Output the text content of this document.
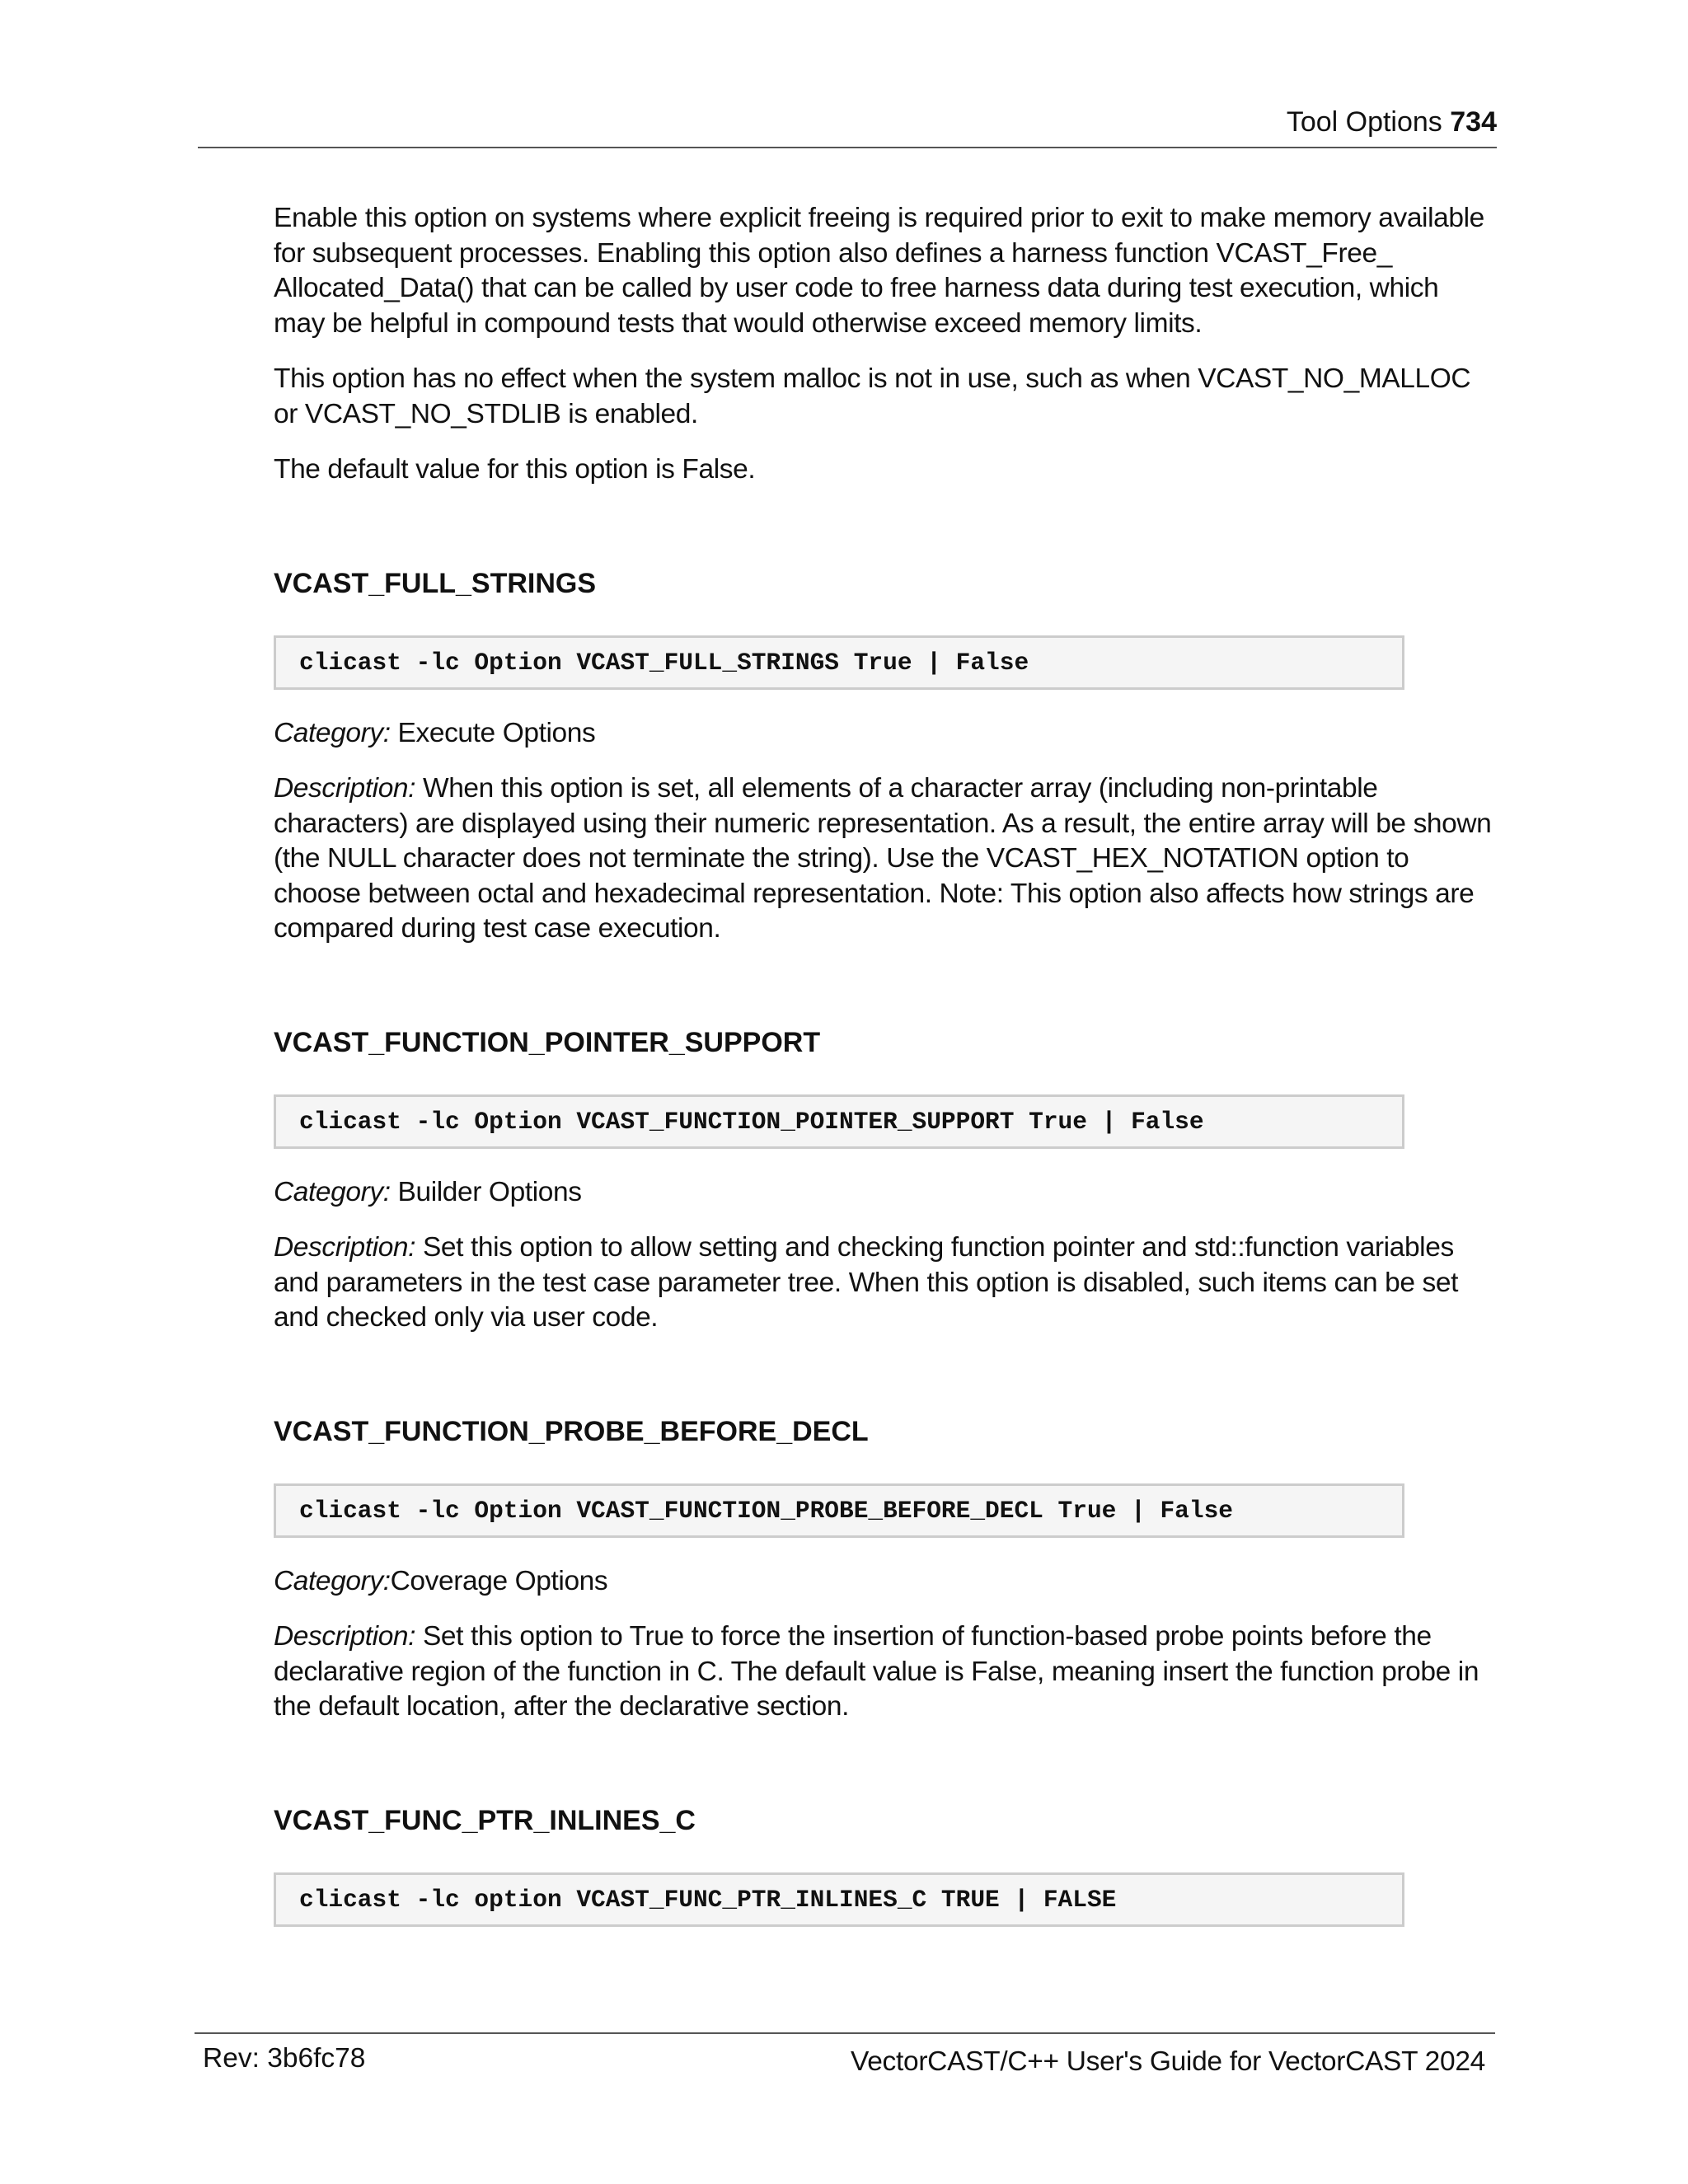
Tool Options 734

Enable this option on systems where explicit freeing is required prior to exit to make memory available for subsequent processes. Enabling this option also defines a harness function VCAST_Free_ Allocated_Data() that can be called by user code to free harness data during test execution, which may be helpful in compound tests that would otherwise exceed memory limits.

This option has no effect when the system malloc is not in use, such as when VCAST_NO_MALLOC or VCAST_NO_STDLIB is enabled.

The default value for this option is False.

VCAST_FULL_STRINGS
clicast -lc Option VCAST_FULL_STRINGS True | False

Category: Execute Options

Description: When this option is set, all elements of a character array (including non-printable characters) are displayed using their numeric representation. As a result, the entire array will be shown (the NULL character does not terminate the string). Use the VCAST_HEX_NOTATION option to choose between octal and hexadecimal representation. Note: This option also affects how strings are compared during test case execution.

VCAST_FUNCTION_POINTER_SUPPORT
clicast -lc Option VCAST_FUNCTION_POINTER_SUPPORT True | False

Category: Builder Options

Description: Set this option to allow setting and checking function pointer and std::function variables and parameters in the test case parameter tree. When this option is disabled, such items can be set and checked only via user code.

VCAST_FUNCTION_PROBE_BEFORE_DECL
clicast -lc Option VCAST_FUNCTION_PROBE_BEFORE_DECL True | False

Category:Coverage Options

Description: Set this option to True to force the insertion of function-based probe points before the declarative region of the function in C. The default value is False, meaning insert the function probe in the default location, after the declarative section.

VCAST_FUNC_PTR_INLINES_C
clicast -lc option VCAST_FUNC_PTR_INLINES_C TRUE | FALSE
Rev: 3b6fc78	VectorCAST/C++ User's Guide for VectorCAST 2024
